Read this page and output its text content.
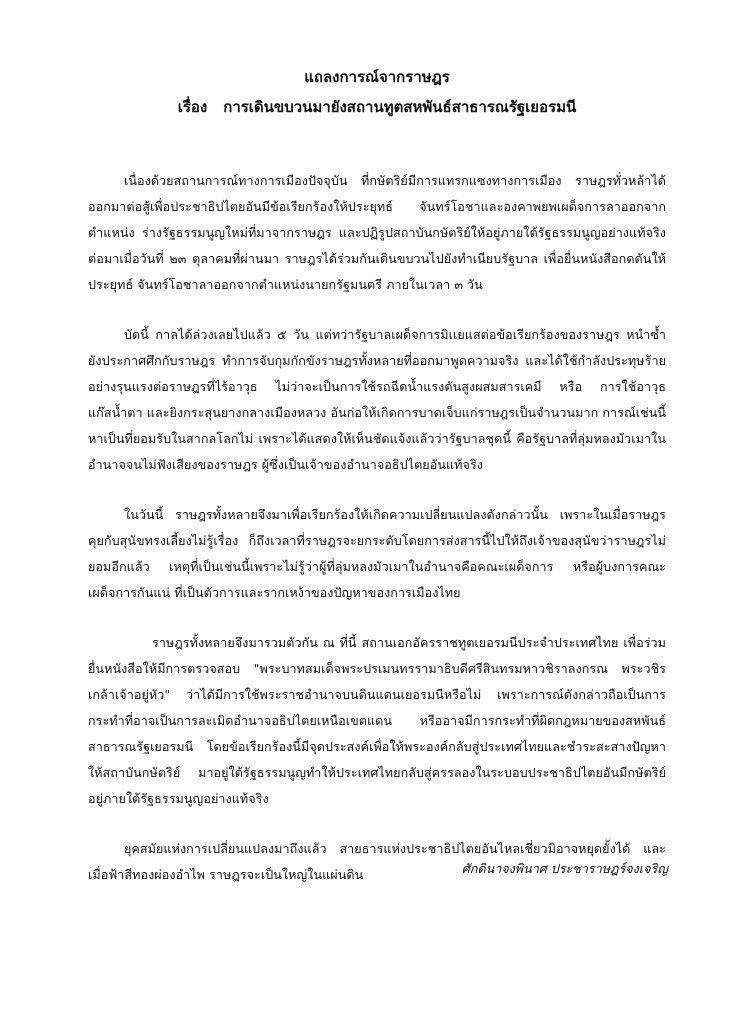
แถลงการณ์จากราษฎร

เรื่อง การเดินขบวนมายังสถานทูตสหพันธ์สาธารณรัฐเยอรมนี

เนื่องด้วยสถานการณ์ทางการเมืองปัจจุบัน ที่กษัตริย์มีการแทรกแซงทางการเมือง ราษฎรทั่วหล้าได้ออกมาต่อสู้เพื่อประชาธิปไตยอันมีข้อเรียกร้องให้ประยุทธ์ จันทร์โอชาและองคาพยพเผด็จการลาออกจากตำแหน่ง ร่างรัฐธรรมนูญใหม่ที่มาจากราษฎร และปฏิรูปสถาบันกษัตริย์ให้อยู่ภายใต้รัฐธรรมนูญอย่างแท้จริง ต่อมาเมื่อวันที่ ๒๓ ตุลาคมที่ผ่านมา ราษฎรได้ร่วมกันเดินขบวนไปยังทำเนียบรัฐบาล เพื่อยื่นหนังสือกดดันให้ประยุทธ์ จันทร์โอชาลาออกจากตำแหน่งนายกรัฐมนตรี ภายในเวลา ๓ วัน

บัดนี้ กาลได้ล่วงเลยไปแล้ว ๕ วัน แต่ทว่ารัฐบาลเผด็จการมิเเยแสต่อข้อเรียกร้องของราษฎร หนำซ้ำยังประกาศศึกกับราษฎร ทำการจับกุมกักขังราษฎรทั้งหลายที่ออกมาพูดความจริง และได้ใช้กำลังประทุษร้ายอย่างรุนแรงต่อราษฎรที่ไร้อาวุธ ไม่ว่าจะเป็นการใช้รถฉีดน้ำแรงดันสูงผสมสารเคมี หรือ การใช้อาวุธแก๊สน้ำตา และยิงกระสุนยางกลางเมืองหลวง อันก่อให้เกิดการบาดเจ็บแก่ราษฎรเป็นจำนวนมาก การณ์เช่นนี้หาเป็นที่ยอมรับในสากลโลกไม่ เพราะได้แสดงให้เห็นชัดแจ้งแล้วว่ารัฐบาลชุดนี้ คือรัฐบาลที่ลุ่มหลงมัวเมาในอำนาจจนไม่ฟังเสียงของราษฎร ผู้ซึ่งเป็นเจ้าของอำนาจอธิปไตยอันแท้จริง

ในวันนี้ ราษฎรทั้งหลายจึงมาเพื่อเรียกร้องให้เกิดความเปลี่ยนแปลงดังกล่าวนั้น เพราะในเมื่อราษฎรคุยกับสุนัขทรงเลี้ยงไม่รู้เรื่อง ก็ถึงเวลาที่ราษฎรจะยกระดับโดยการส่งสารนี้ไปให้ถึงเจ้าของสุนัขว่าราษฎรไม่ยอมอีกแล้ว เหตุที่เป็นเช่นนี้เพราะไม่รู้ว่าผู้ที่ลุ่มหลงมัวเมาในอำนาจคือคณะเผด็จการ หรือผู้บงการคณะเผด็จการกันแน่ ที่เป็นตัวการและรากเหง้าของปัญหาของการเมืองไทย

ราษฎรทั้งหลายจึงมารวมตัวกัน ณ ที่นี้ สถานเอกอัครราชทูตเยอรมนีประจำประเทศไทย เพื่อร่วมยื่นหนังสือให้มีการตรวจสอบ "พระบาทสมเด็จพระปรเมนทรรามาธิบดีศรีสินทรมหาวชิราลงกรณ พระวชิรเกล้าเจ้าอยู่หัว" ว่าได้มีการใช้พระราชอำนาจบนดินแดนเยอรมนีหรือไม่ เพราะการณ์ดังกล่าวถือเป็นการกระทำที่อาจเป็นการละเมิดอำนาจอธิปไตยเหนือเขตแดน หรืออาจมีการกระทำที่ผิดกฎหมายของสหพันธ์สาธารณรัฐเยอรมนี โดยข้อเรียกร้องนี้มีจุดประสงค์เพื่อให้พระองค์กลับสู่ประเทศไทยและชำระสะสางปัญหาให้สถาบันกษัตริย์ มาอยู่ใต้รัฐธรรมนูญทำให้ประเทศไทยกลับสู่ครรลองในระบอบประชาธิปไตยอันมีกษัตริย์อยู่ภายใต้รัฐธรรมนูญอย่างแท้จริง

ยุคสมัยแห่งการเปลี่ยนแปลงมาถึงแล้ว สายธารแห่งประชาธิปไตยอันไหลเชี่ยวมิอาจหยุดยั้งได้ และเมื่อฟ้าสีทองผ่องอำไพ ราษฎรจะเป็นใหญ่ในแผ่นดิน	ศักดินาจงพินาศ ประชาราษฎร์จงเจริญ
